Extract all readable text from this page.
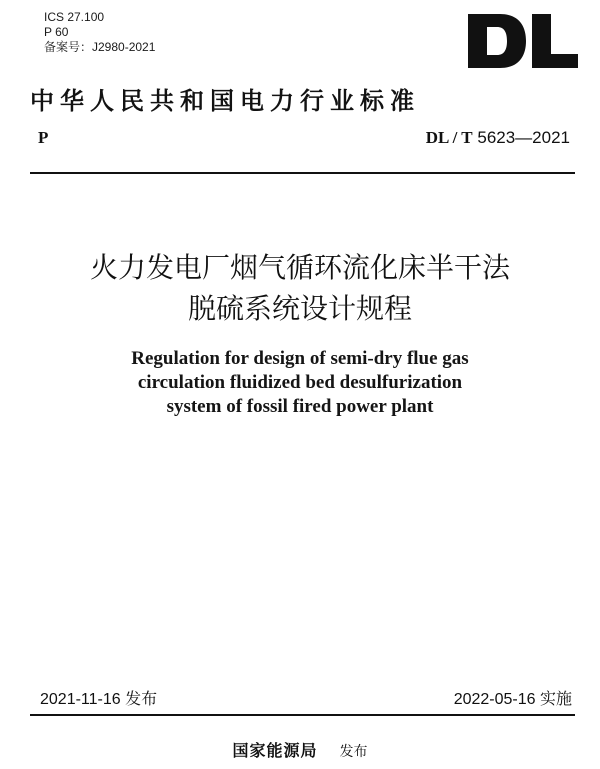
ICS 27.100
P 60
备案号：J2980-2021
中华人民共和国电力行业标准
P	DL / T 5623—2021
火力发电厂烟气循环流化床半干法
脱硫系统设计规程
Regulation for design of semi-dry flue gas
circulation fluidized bed desulfurization
system of fossil fired power plant
2021-11-16 发布	2022-05-16 实施
国家能源局 发布
